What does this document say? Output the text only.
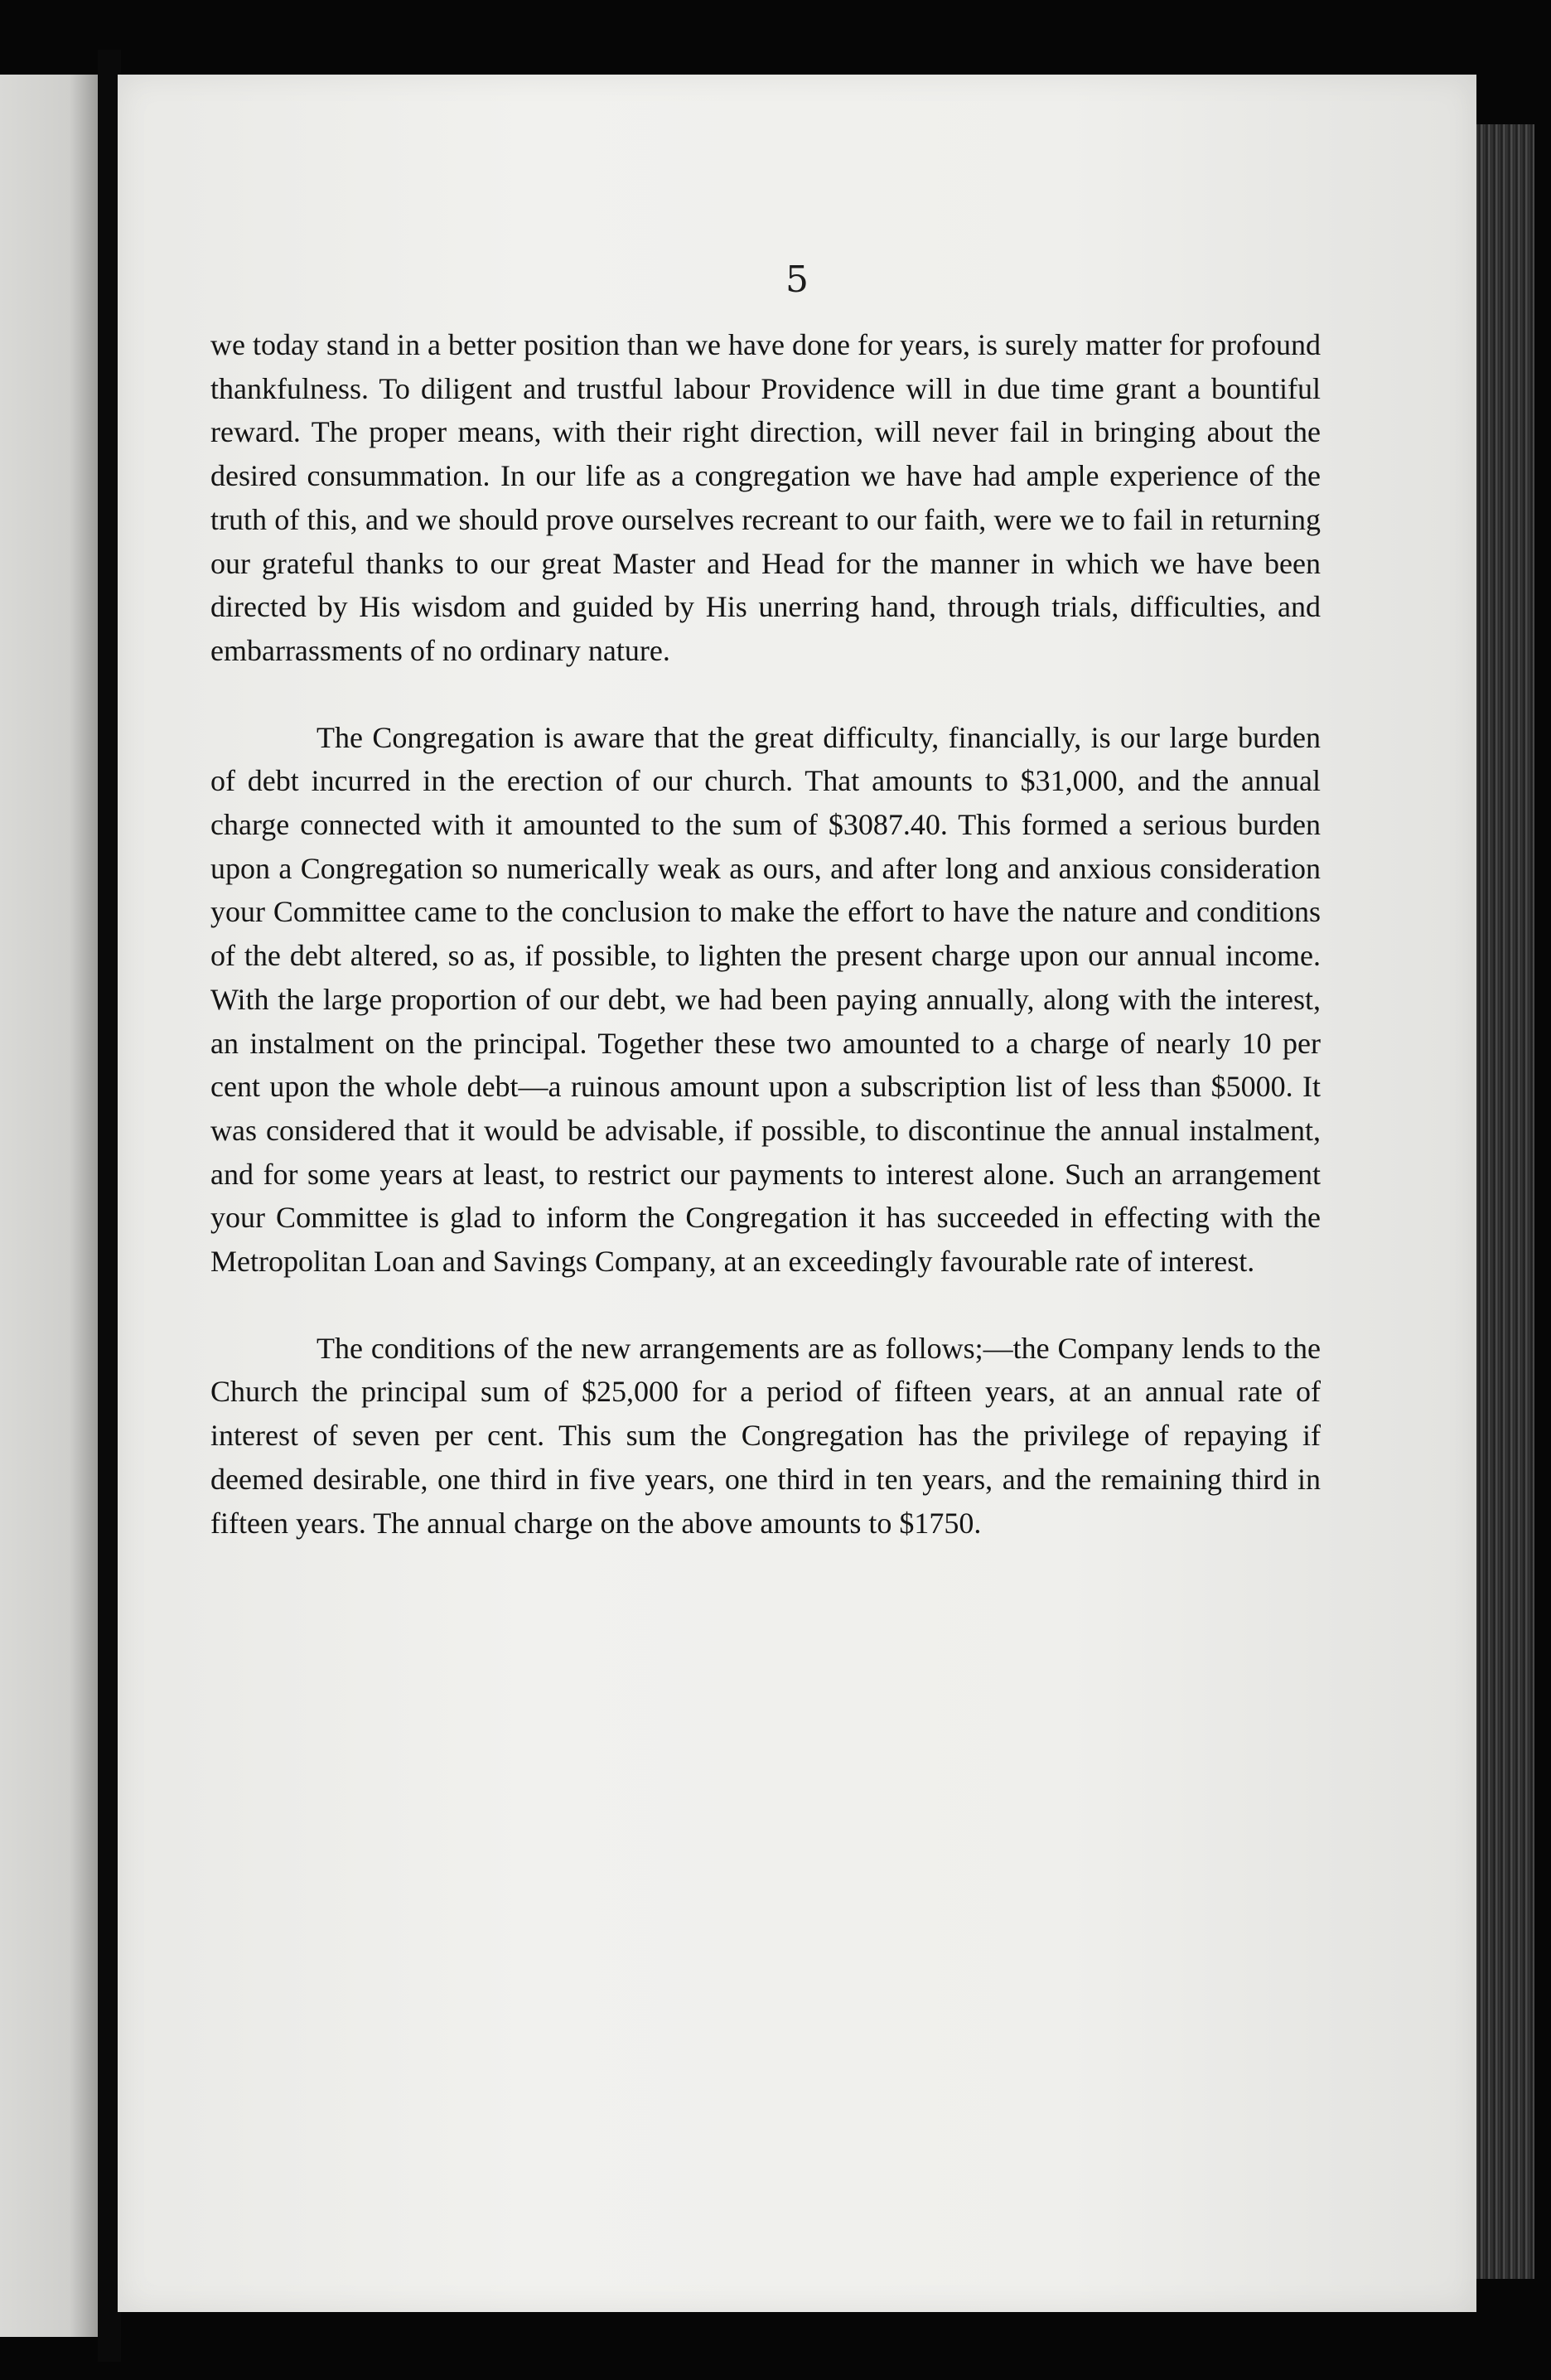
5

we today stand in a better position than we have done for years, is surely matter for profound thankfulness. To diligent and trustful labour Providence will in due time grant a bountiful reward. The proper means, with their right direction, will never fail in bringing about the desired consummation. In our life as a congregation we have had ample experience of the truth of this, and we should prove ourselves recreant to our faith, were we to fail in returning our grateful thanks to our great Master and Head for the manner in which we have been directed by His wisdom and guided by His unerring hand, through trials, difficulties, and embarrassments of no ordinary nature.

The Congregation is aware that the great difficulty, financially, is our large burden of debt incurred in the erection of our church. That amounts to $31,000, and the annual charge connected with it amounted to the sum of $3087.40. This formed a serious burden upon a Congregation so numerically weak as ours, and after long and anxious consideration your Committee came to the conclusion to make the effort to have the nature and conditions of the debt altered, so as, if possible, to lighten the present charge upon our annual income. With the large proportion of our debt, we had been paying annually, along with the interest, an instalment on the principal. Together these two amounted to a charge of nearly 10 per cent upon the whole debt—a ruinous amount upon a subscription list of less than $5000. It was considered that it would be advisable, if possible, to discontinue the annual instalment, and for some years at least, to restrict our payments to interest alone. Such an arrangement your Committee is glad to inform the Congregation it has succeeded in effecting with the Metropolitan Loan and Savings Company, at an exceedingly favourable rate of interest.

The conditions of the new arrangements are as follows;—the Company lends to the Church the principal sum of $25,000 for a period of fifteen years, at an annual rate of interest of seven per cent. This sum the Congregation has the privilege of repaying if deemed desirable, one third in five years, one third in ten years, and the remaining third in fifteen years. The annual charge on the above amounts to $1750.
